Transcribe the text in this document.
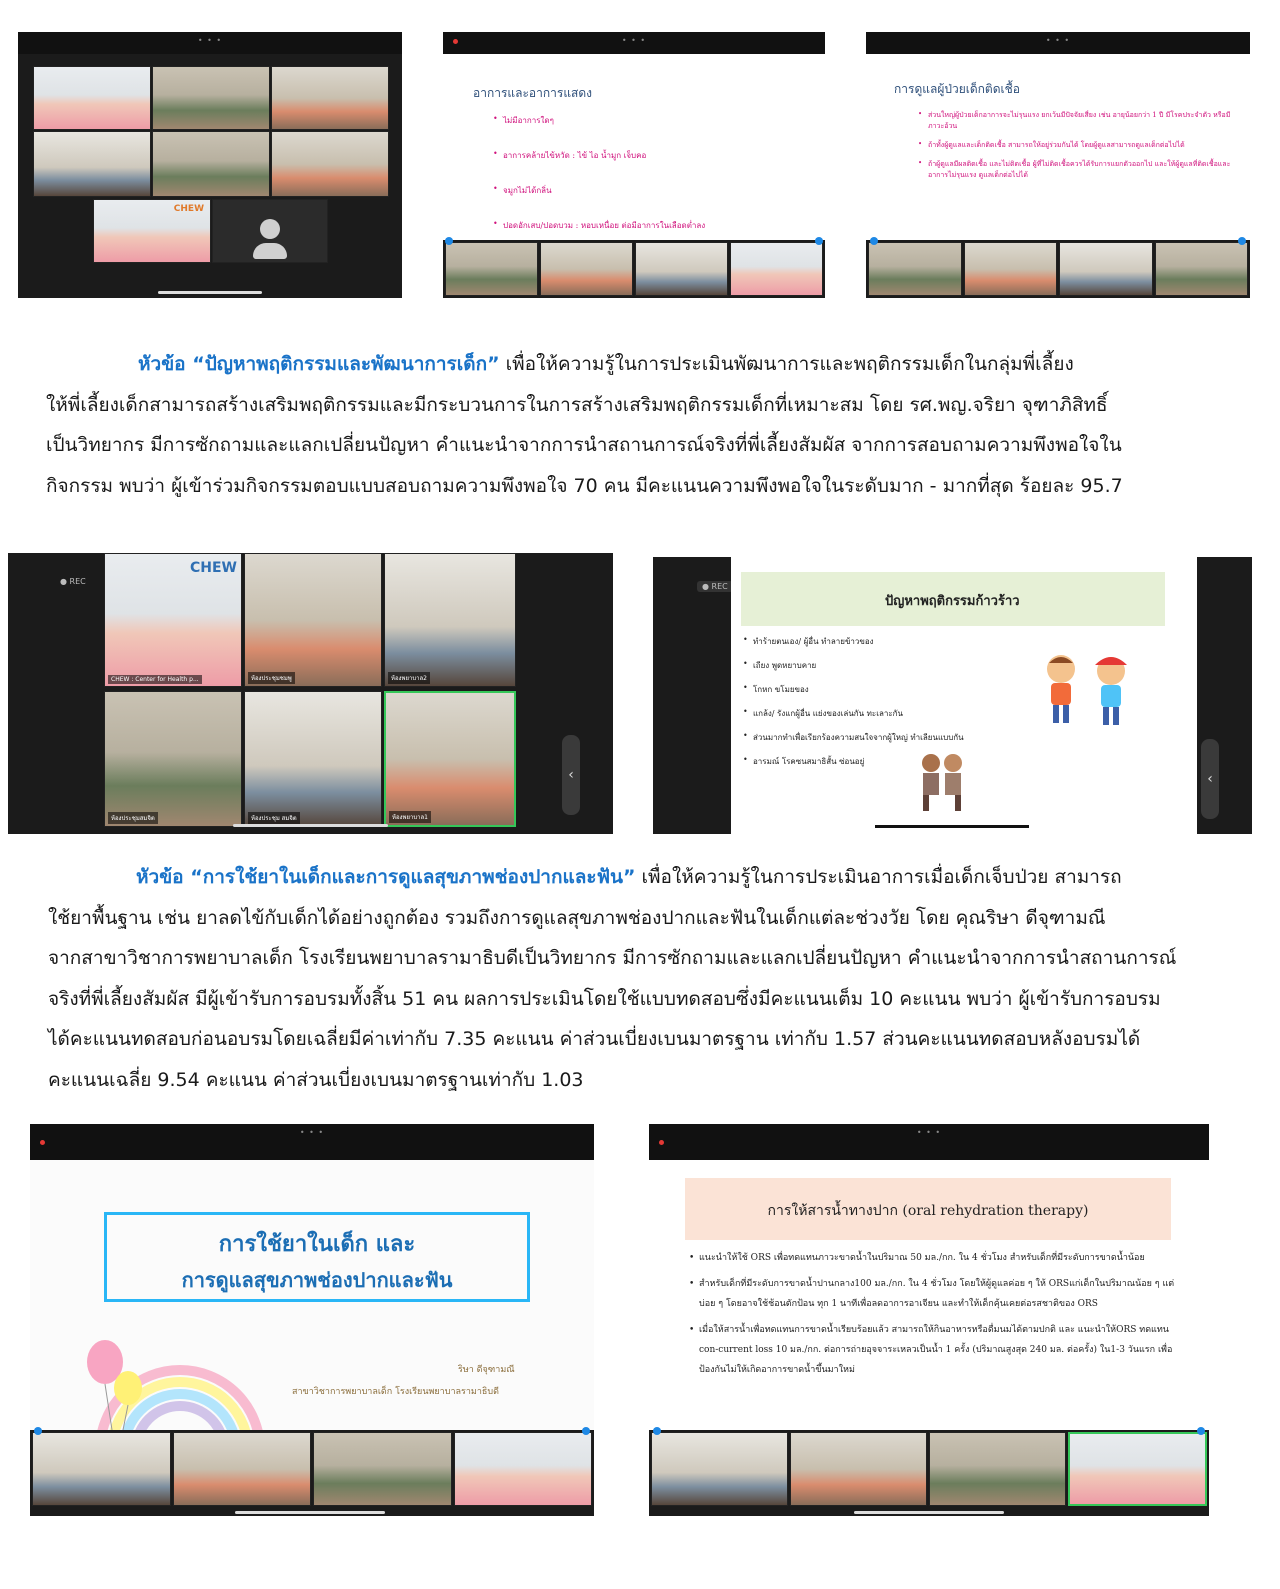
• • •
CHEW
• • •
อาการและอาการแสดง
• ไม่มีอาการใดๆ
• อาการคล้ายไข้หวัด : ไข้ ไอ น้ำมูก เจ็บคอ
• จมูกไม่ได้กลิ่น
• ปอดอักเสบ/ปอดบวม : หอบเหนื่อย ต่อมีอาการในเลือดต่ำลง
• • •
การดูแลผู้ป่วยเด็กติดเชื้อ
• ส่วนใหญ่ผู้ป่วยเด็กอาการจะไม่รุนแรง ยกเว้นมีปัจจัยเสี่ยง เช่น อายุน้อยกว่า 1 ปี มีโรคประจำตัว หรือมีภาวะอ้วน
• ถ้าทั้งผู้ดูแลและเด็กติดเชื้อ สามารถให้อยู่ร่วมกันได้ โดยผู้ดูแลสามารถดูแลเด็กต่อไปได้
• ถ้าผู้ดูแลมีผลติดเชื้อ และไม่ติดเชื้อ ผู้ที่ไม่ติดเชื้อควรได้รับการแยกตัวออกไป และให้ผู้ดูแลที่ติดเชื้อและอาการไม่รุนแรง ดูแลเด็กต่อไปได้
หัวข้อ “ปัญหาพฤติกรรมและพัฒนาการเด็ก” เพื่อให้ความรู้ในการประเมินพัฒนาการและพฤติกรรมเด็กในกลุ่มพี่เลี้ยง
ให้พี่เลี้ยงเด็กสามารถสร้างเสริมพฤติกรรมและมีกระบวนการในการสร้างเสริมพฤติกรรมเด็กที่เหมาะสม โดย รศ.พญ.จริยา จุฑาภิสิทธิ์
เป็นวิทยากร มีการซักถามและแลกเปลี่ยนปัญหา คำแนะนำจากการนำสถานการณ์จริงที่พี่เลี้ยงสัมผัส จากการสอบถามความพึงพอใจใน
กิจกรรม พบว่า ผู้เข้าร่วมกิจกรรมตอบแบบสอบถามความพึงพอใจ 70 คน มีคะแนนความพึงพอใจในระดับมาก - มากที่สุด ร้อยละ 95.7
● REC
CHEW
CHEW : Center for Health p...	ห้องประชุมชมพู	ห้องพยาบาล2
ห้องประชุมสมจิต	ห้องประชุม สมจิต	ห้องพยาบาล1
‹
● REC
ปัญหาพฤติกรรมก้าวร้าว
• ทำร้ายตนเอง/ ผู้อื่น ทำลายข้าวของ
• เถียง พูดหยาบคาย
• โกหก ขโมยของ
• แกล้ง/ รังแกผู้อื่น แย่งของเล่นกัน ทะเลาะกัน
• ส่วนมากทำเพื่อเรียกร้องความสนใจจากผู้ใหญ่ ทำเลียนแบบกัน
• อารมณ์ โรคซนสมาธิสั้น ซ่อนอยู่
‹
หัวข้อ “การใช้ยาในเด็กและการดูแลสุขภาพช่องปากและฟัน” เพื่อให้ความรู้ในการประเมินอาการเมื่อเด็กเจ็บป่วย สามารถ
ใช้ยาพื้นฐาน เช่น ยาลดไข้กับเด็กได้อย่างถูกต้อง รวมถึงการดูแลสุขภาพช่องปากและฟันในเด็กแต่ละช่วงวัย โดย คุณริษา ดีจุฑามณี
จากสาขาวิชาการพยาบาลเด็ก โรงเรียนพยาบาลรามาธิบดีเป็นวิทยากร มีการซักถามและแลกเปลี่ยนปัญหา คำแนะนำจากการนำสถานการณ์
จริงที่พี่เลี้ยงสัมผัส มีผู้เข้ารับการอบรมทั้งสิ้น 51 คน ผลการประเมินโดยใช้แบบทดสอบซึ่งมีคะแนนเต็ม 10 คะแนน พบว่า ผู้เข้ารับการอบรม
ได้คะแนนทดสอบก่อนอบรมโดยเฉลี่ยมีค่าเท่ากับ 7.35 คะแนน ค่าส่วนเบี่ยงเบนมาตรฐาน เท่ากับ 1.57 ส่วนคะแนนทดสอบหลังอบรมได้
คะแนนเฉลี่ย 9.54 คะแนน ค่าส่วนเบี่ยงเบนมาตรฐานเท่ากับ 1.03
• • •
การใช้ยาในเด็ก และ
การดูแลสุขภาพช่องปากและฟัน
ริษา ดีจุฑามณี
สาขาวิชาการพยาบาลเด็ก โรงเรียนพยาบาลรามาธิบดี
• • •
การให้สารน้ำทางปาก (oral rehydration therapy)
• แนะนำให้ใช้ ORS เพื่อทดแทนภาวะขาดน้ำในปริมาณ 50 มล./กก. ใน 4 ชั่วโมง สำหรับเด็กที่มีระดับการขาดน้ำน้อย
• สำหรับเด็กที่มีระดับการขาดน้ำปานกลาง100 มล./กก. ใน 4 ชั่วโมง โดยให้ผู้ดูแลค่อย ๆ ให้ ORSแก่เด็กในปริมาณน้อย ๆ แต่บ่อย ๆ โดยอาจใช้ช้อนตักป้อน ทุก 1 นาทีเพื่อลดอาการอาเจียน และทำให้เด็กคุ้นเคยต่อรสชาติของ ORS
• เมื่อให้สารน้ำเพื่อทดแทนการขาดน้ำเรียบร้อยแล้ว สามารถให้กินอาหารหรือดื่มนมได้ตามปกติ และ แนะนำให้ORS ทดแทน con-current loss 10 มล./กก. ต่อการถ่ายอุจจาระเหลวเป็นน้ำ 1 ครั้ง (ปริมาณสูงสุด 240 มล. ต่อครั้ง) ใน1-3 วันแรก เพื่อป้องกันไม่ให้เกิดอาการขาดน้ำขึ้นมาใหม่
